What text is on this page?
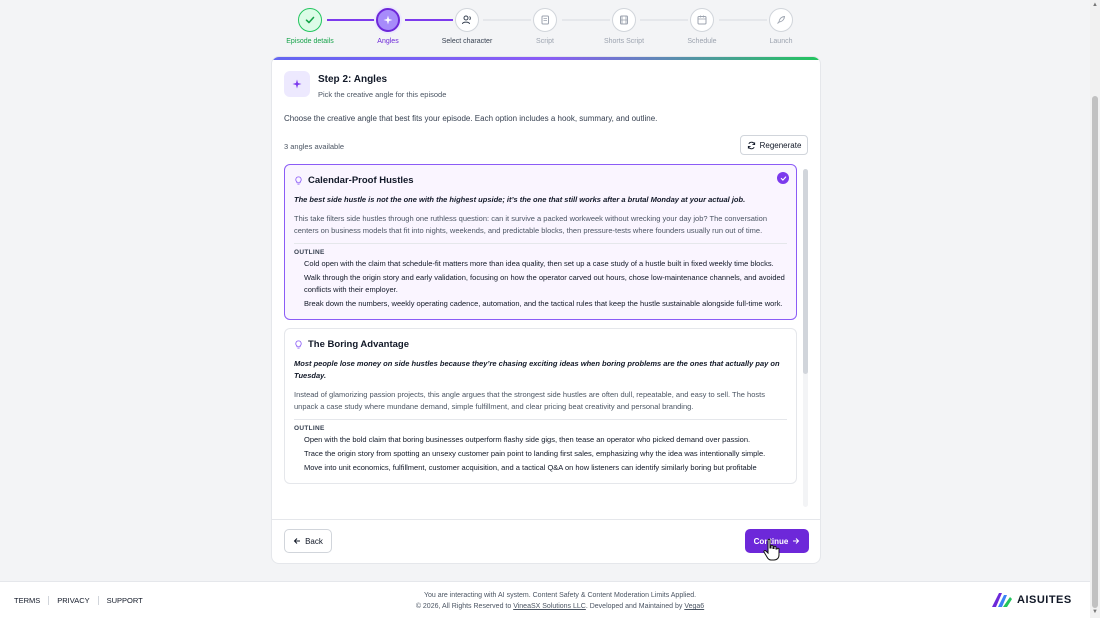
Episode details	Angles	Select character	Script	Shorts Script	Schedule	Launch
Step 2: Angles
Pick the creative angle for this episode
Choose the creative angle that best fits your episode. Each option includes a hook, summary, and outline.
3 angles available	Regenerate
Calendar-Proof Hustles
The best side hustle is not the one with the highest upside; it’s the one that still works after a brutal Monday at your actual job.
This take filters side hustles through one ruthless question: can it survive a packed workweek without wrecking your day job? The conversation centers on business models that fit into nights, weekends, and predictable blocks, then pressure-tests where founders usually run out of time.
OUTLINE
Cold open with the claim that schedule-fit matters more than idea quality, then set up a case study of a hustle built in fixed weekly time blocks.
Walk through the origin story and early validation, focusing on how the operator carved out hours, chose low-maintenance channels, and avoided conflicts with their employer.
Break down the numbers, weekly operating cadence, automation, and the tactical rules that keep the hustle sustainable alongside full-time work.
The Boring Advantage
Most people lose money on side hustles because they’re chasing exciting ideas when boring problems are the ones that actually pay on Tuesday.
Instead of glamorizing passion projects, this angle argues that the strongest side hustles are often dull, repeatable, and easy to sell. The hosts unpack a case study where mundane demand, simple fulfillment, and clear pricing beat creativity and personal branding.
OUTLINE
Open with the bold claim that boring businesses outperform flashy side gigs, then tease an operator who picked demand over passion.
Trace the origin story from spotting an unsexy customer pain point to landing first sales, emphasizing why the idea was intentionally simple.
Move into unit economics, fulfillment, customer acquisition, and a tactical Q&A on how listeners can identify similarly boring but profitable
Back	Continue
TERMS PRIVACY SUPPORT
You are interacting with AI system. Content Safety & Content Moderation Limits Applied.
© 2026, All Rights Reserved to VineaSX Solutions LLC. Developed and Maintained by Vega6
AISUITES
▲
▼
